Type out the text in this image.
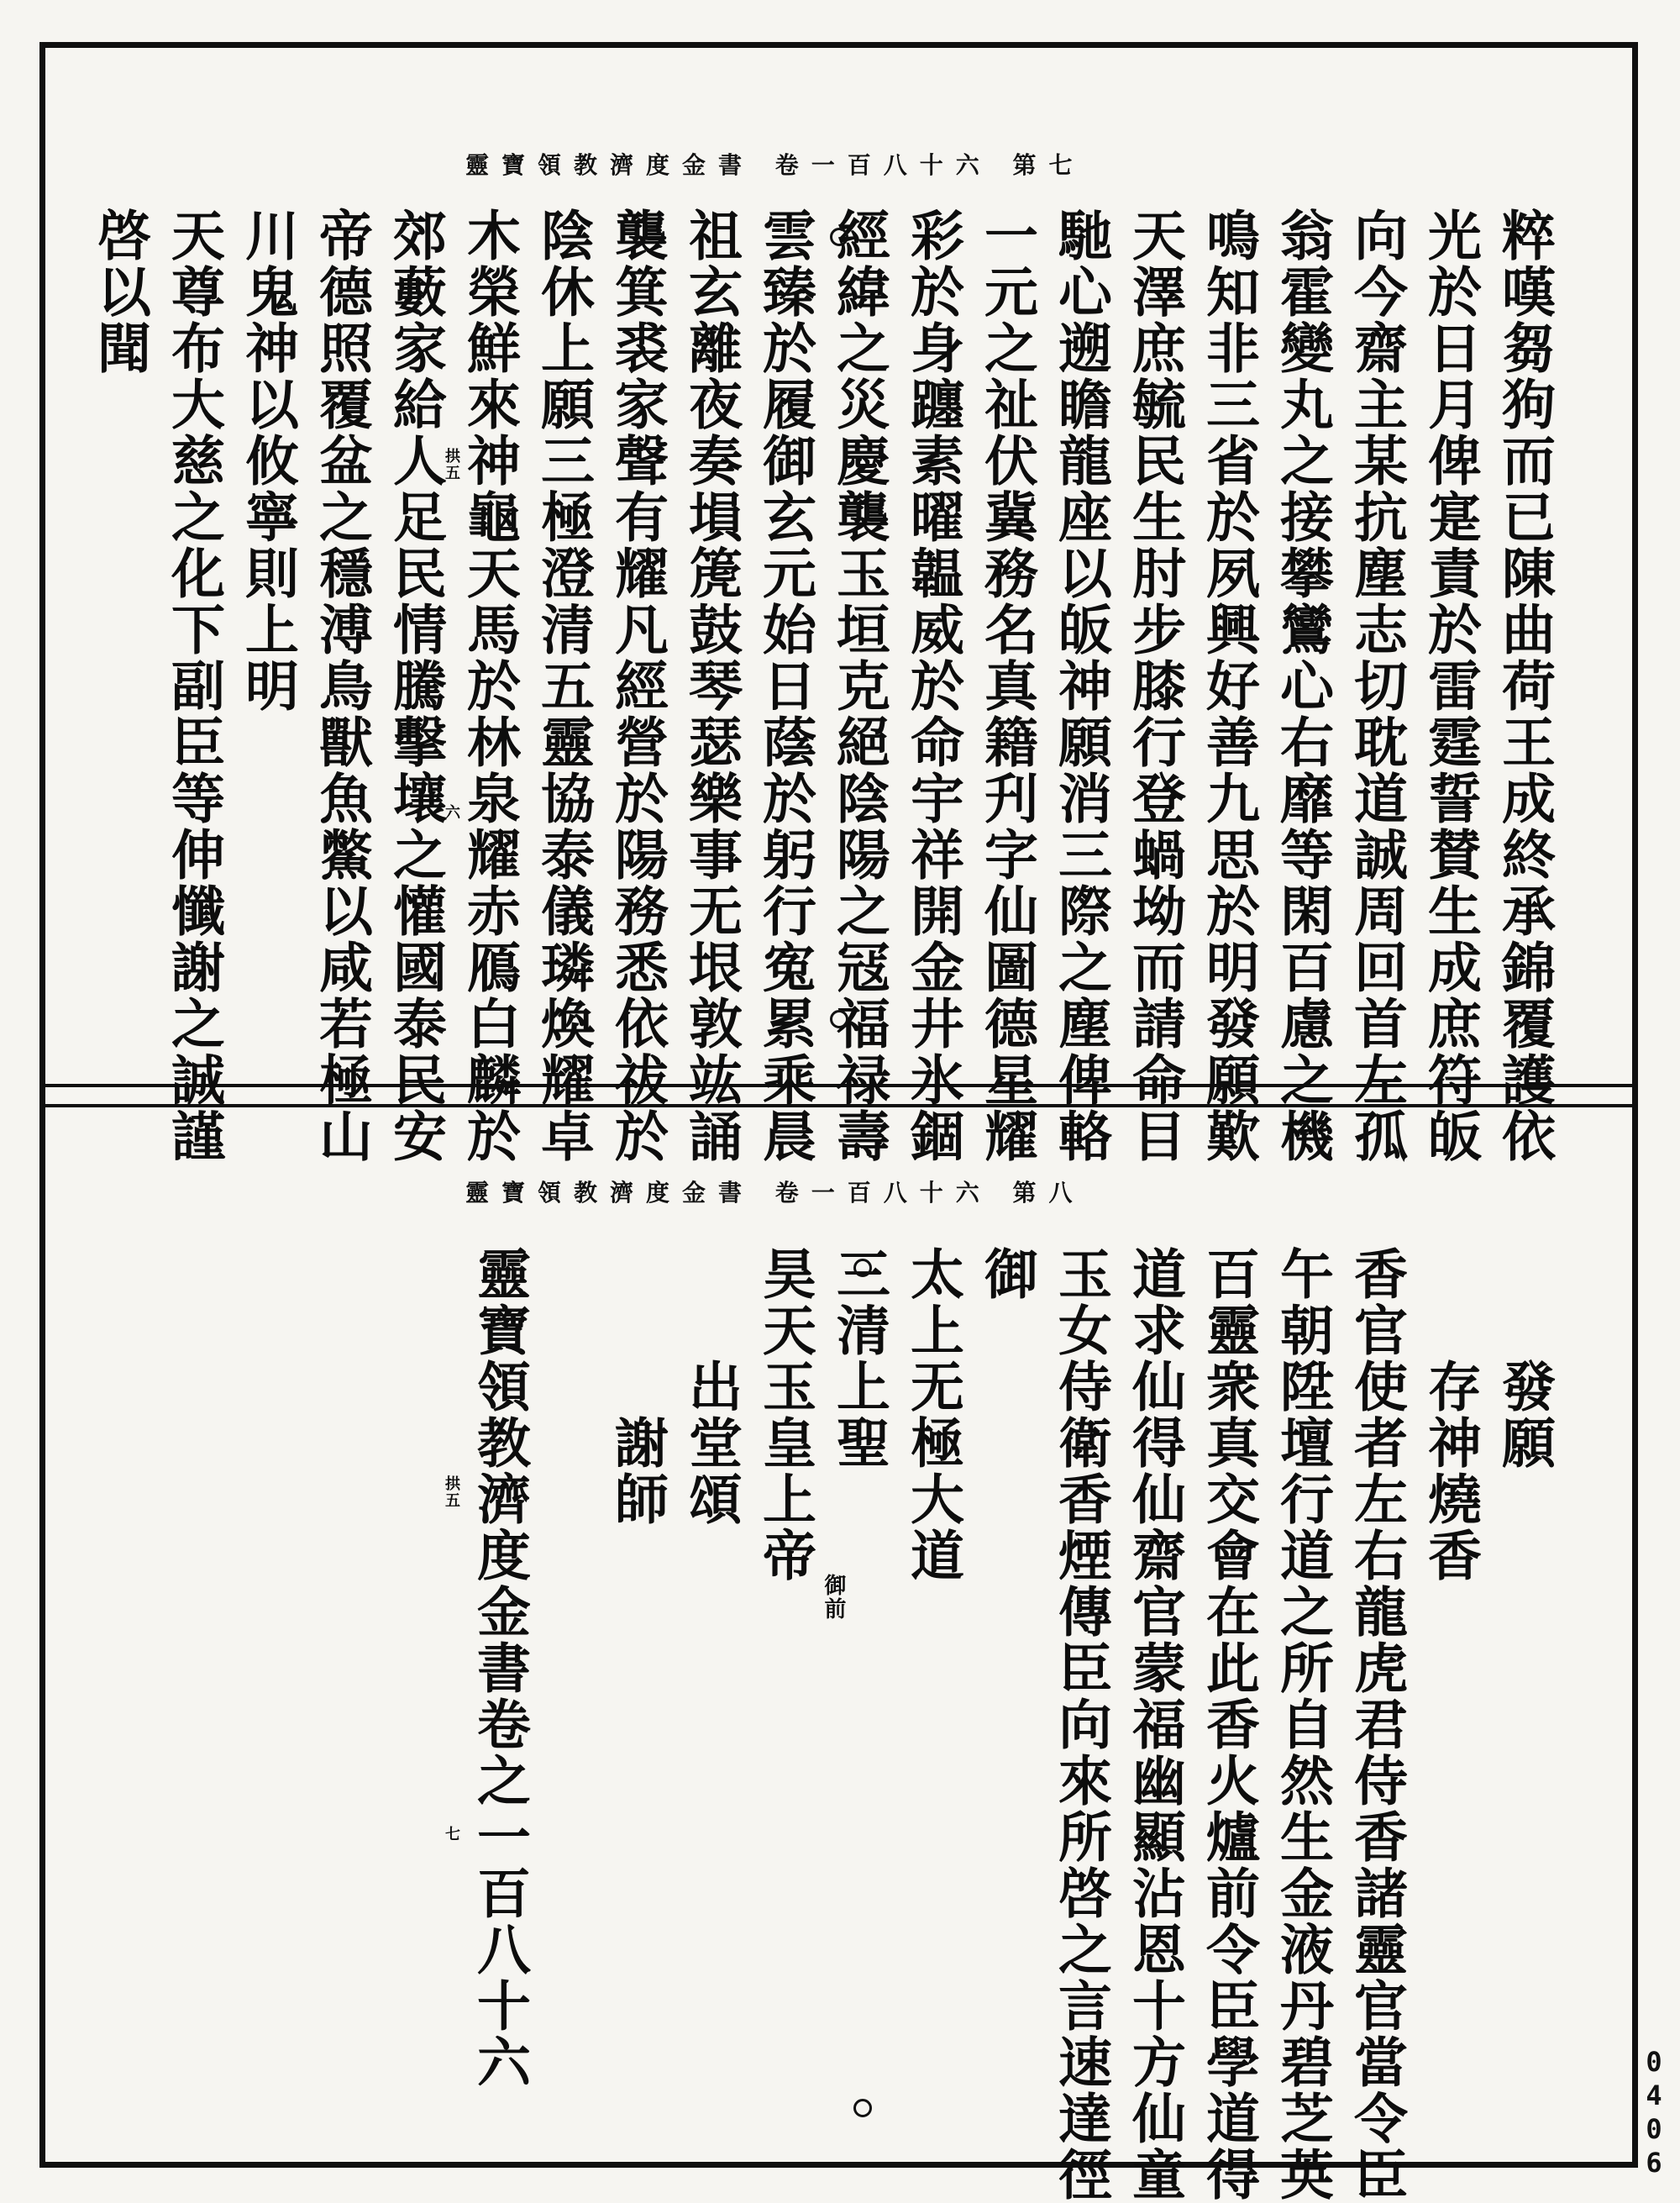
靈寶領教濟度金書 卷一百八十六 第七
粹嘆芻狗而已陳曲荷王成終承錦覆護依
光於日月俾寔責於雷霆誓賛生成庶符皈
向今齋主某抗塵志切耽道誠周回首左孤
翁霍變丸之接攀鸞心右靡等閑百慮之機
鳴知非三省於夙興好善九思於明發願歎
天澤庶毓民生肘步膝行登蝸坳而請命目
馳心遡瞻龍座以皈神願消三際之塵俾輅
一元之祉伏冀務名真籍刋字仙圖德星耀
彩於身躔素曜韞威於命宇祥開金井氷錮
經緯之災慶襲玉垣克絕陰陽之冦福禄壽
雲臻於履御玄元始日蔭於躬行寃累乘晨
祖玄離夜奏塤箎鼓琴瑟樂事无垠敦竑誦
襲箕裘家聲有耀凡經營於陽務悉依祓於
陰休上願三極澄清五靈協泰儀璘煥耀卓
木榮鮮來神龜天馬於林泉耀赤鴈白麟於
郊藪家給人足民情騰擊壤之懽國泰民安
帝德照覆盆之穩溥鳥獸魚鱉以咸若極山
川鬼神以攸寧則上明
天尊布大慈之化下副臣等伸懺謝之誠謹
啓以聞
拱五
六
靈寶領教濟度金書 卷一百八十六 第八
　　發願
　　存神燒香
香官使者左右龍虎君侍香諸靈官當令臣
午朝陞壇行道之所自然生金液丹碧芝英
百靈衆真交會在此香火爐前令臣學道得
道求仙得仙齋官蒙福幽顯沾恩十方仙童
玉女侍衛香煙傳臣向來所啓之言速達徑
御
太上无極大道
三清上聖
昊天玉皇上帝
　　出堂頌
　　　謝師
靈寶領教濟度金書卷之一百八十六	御前
拱五
七
0406
